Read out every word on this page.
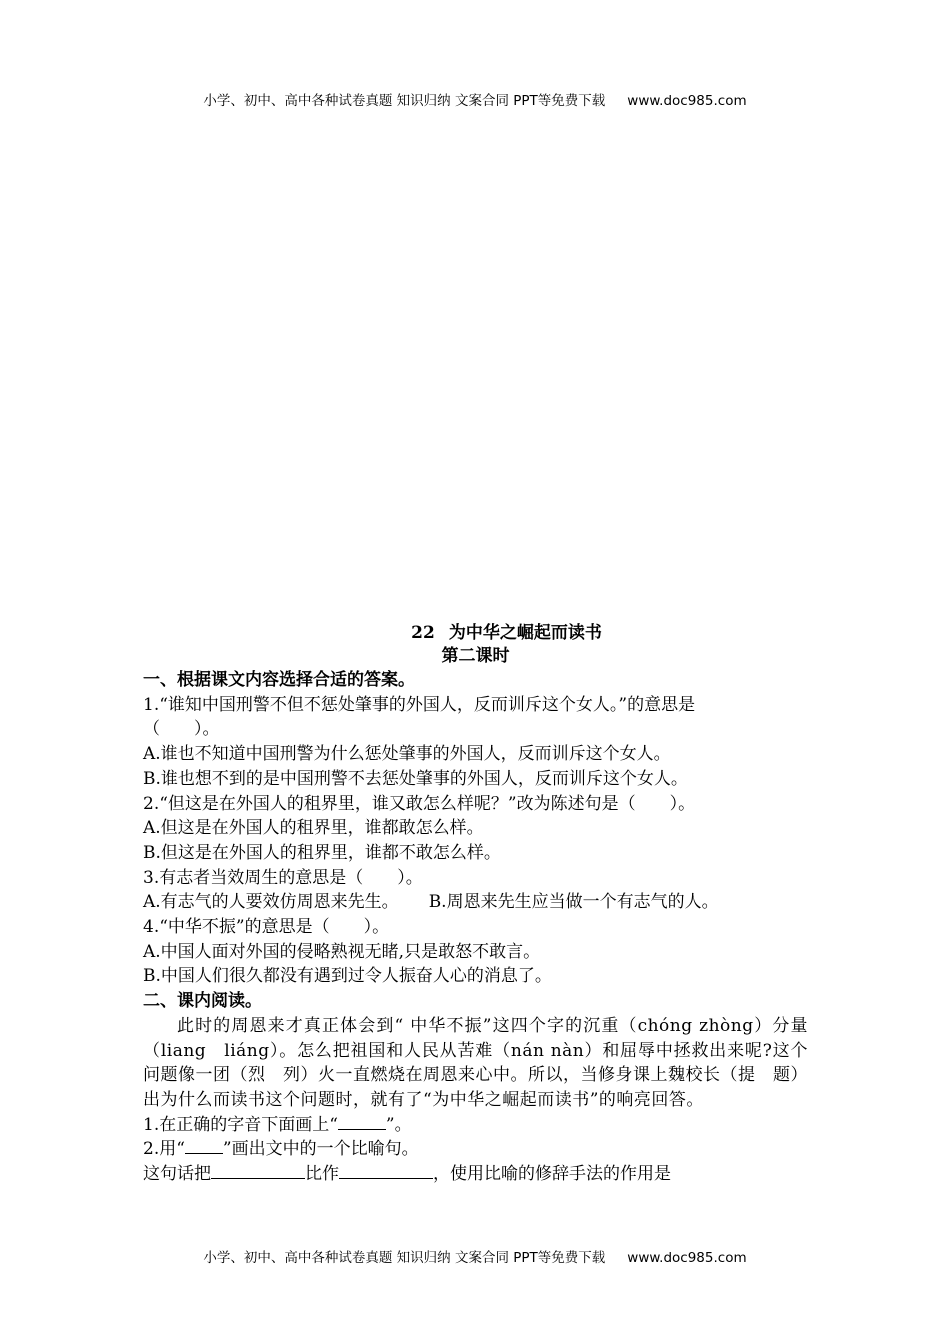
小学、初中、高中各种试卷真题 知识归纳 文案合同 PPT等免费下载 www.doc985.com
22 为中华之崛起而读书
第二课时
一、根据课文内容选择合适的答案。
1.“谁知中国刑警不但不惩处肇事的外国人，反而训斥这个女人。”的意思是
（　　）。
A.谁也不知道中国刑警为什么惩处肇事的外国人，反而训斥这个女人。
B.谁也想不到的是中国刑警不去惩处肇事的外国人，反而训斥这个女人。
2.“但这是在外国人的租界里，谁又敢怎么样呢？”改为陈述句是（　　）。
A.但这是在外国人的租界里，谁都敢怎么样。
B.但这是在外国人的租界里，谁都不敢怎么样。
3.有志者当效周生的意思是（　　）。
A.有志气的人要效仿周恩来先生。 B.周恩来先生应当做一个有志气的人。
4.“中华不振”的意思是（　　）。
A.中国人面对外国的侵略熟视无睹,只是敢怒不敢言。
B.中国人们很久都没有遇到过令人振奋人心的消息了。
二、课内阅读。
此时的周恩来才真正体会到“ 中华不振”这四个字的沉重（chóng zhòng）分量（liang　liáng）。怎么把祖国和人民从苦难（nán nàn）和屈辱中拯救出来呢?这个问题像一团（烈　列）火一直燃烧在周恩来心中。所以，当修身课上魏校长（提　题）出为什么而读书这个问题时，就有了“为中华之崛起而读书”的响亮回答。
1.在正确的字音下面画上“	”。
2.用“ ”画出文中的一个比喻句。
这句话把	比作	，使用比喻的修辞手法的作用是
小学、初中、高中各种试卷真题 知识归纳 文案合同 PPT等免费下载 www.doc985.com
